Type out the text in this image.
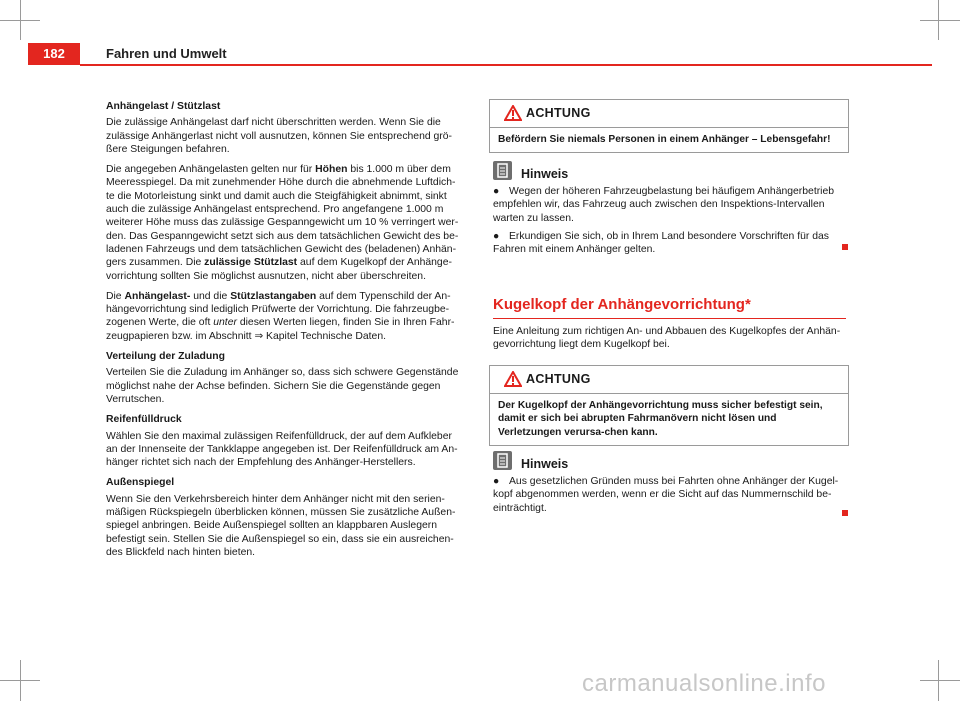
182	Fahren und Umwelt

Anhängelast / Stützlast

Die zulässige Anhängelast darf nicht überschritten werden. Wenn Sie die zulässige Anhängerlast nicht voll ausnutzen, können Sie entsprechend grö-ßere Steigungen befahren.

Die angegeben Anhängelasten gelten nur für Höhen bis 1.000 m über dem Meeresspiegel. Da mit zunehmender Höhe durch die abnehmende Luftdich-te die Motorleistung sinkt und damit auch die Steigfähigkeit abnimmt, sinkt auch die zulässige Anhängelast entsprechend. Pro angefangene 1.000 m weiterer Höhe muss das zulässige Gespanngewicht um 10 % verringert wer-den. Das Gespanngewicht setzt sich aus dem tatsächlichen Gewicht des be-ladenen Fahrzeugs und dem tatsächlichen Gewicht des (beladenen) Anhän-gers zusammen. Die zulässige Stützlast auf dem Kugelkopf der Anhänge-vorrichtung sollten Sie möglichst ausnutzen, nicht aber überschreiten.

Die Anhängelast- und die Stützlastangaben auf dem Typenschild der An-hängevorrichtung sind lediglich Prüfwerte der Vorrichtung. Die fahrzeugbe-zogenen Werte, die oft unter diesen Werten liegen, finden Sie in Ihren Fahr-zeugpapieren bzw. im Abschnitt ⇒ Kapitel Technische Daten.

Verteilung der Zuladung

Verteilen Sie die Zuladung im Anhänger so, dass sich schwere Gegenstände möglichst nahe der Achse befinden. Sichern Sie die Gegenstände gegen Verrutschen.

Reifenfülldruck

Wählen Sie den maximal zulässigen Reifenfülldruck, der auf dem Aufkleber an der Innenseite der Tankklappe angegeben ist. Der Reifenfülldruck am An-hänger richtet sich nach der Empfehlung des Anhänger-Herstellers.

Außenspiegel

Wenn Sie den Verkehrsbereich hinter dem Anhänger nicht mit den serien-mäßigen Rückspiegeln überblicken können, müssen Sie zusätzliche Außen-spiegel anbringen. Beide Außenspiegel sollten an klappbaren Auslegern befestigt sein. Stellen Sie die Außenspiegel so ein, dass sie ein ausreichen-des Blickfeld nach hinten bieten.

ACHTUNG
Befördern Sie niemals Personen in einem Anhänger – Lebensgefahr!
Hinweis

● Wegen der höheren Fahrzeugbelastung bei häufigem Anhängerbetrieb empfehlen wir, das Fahrzeug auch zwischen den Inspektions-Intervallen warten zu lassen.

● Erkundigen Sie sich, ob in Ihrem Land besondere Vorschriften für das Fahren mit einem Anhänger gelten.

Kugelkopf der Anhängevorrichtung*
Eine Anleitung zum richtigen An- und Abbauen des Kugelkopfes der Anhän-gevorrichtung liegt dem Kugelkopf bei.
ACHTUNG
Der Kugelkopf der Anhängevorrichtung muss sicher befestigt sein, damit er sich bei abrupten Fahrmanövern nicht lösen und Verletzungen verursa-chen kann.
Hinweis

● Aus gesetzlichen Gründen muss bei Fahrten ohne Anhänger der Kugel-kopf abgenommen werden, wenn er die Sicht auf das Nummernschild be-einträchtigt.

carmanualsonline.info
